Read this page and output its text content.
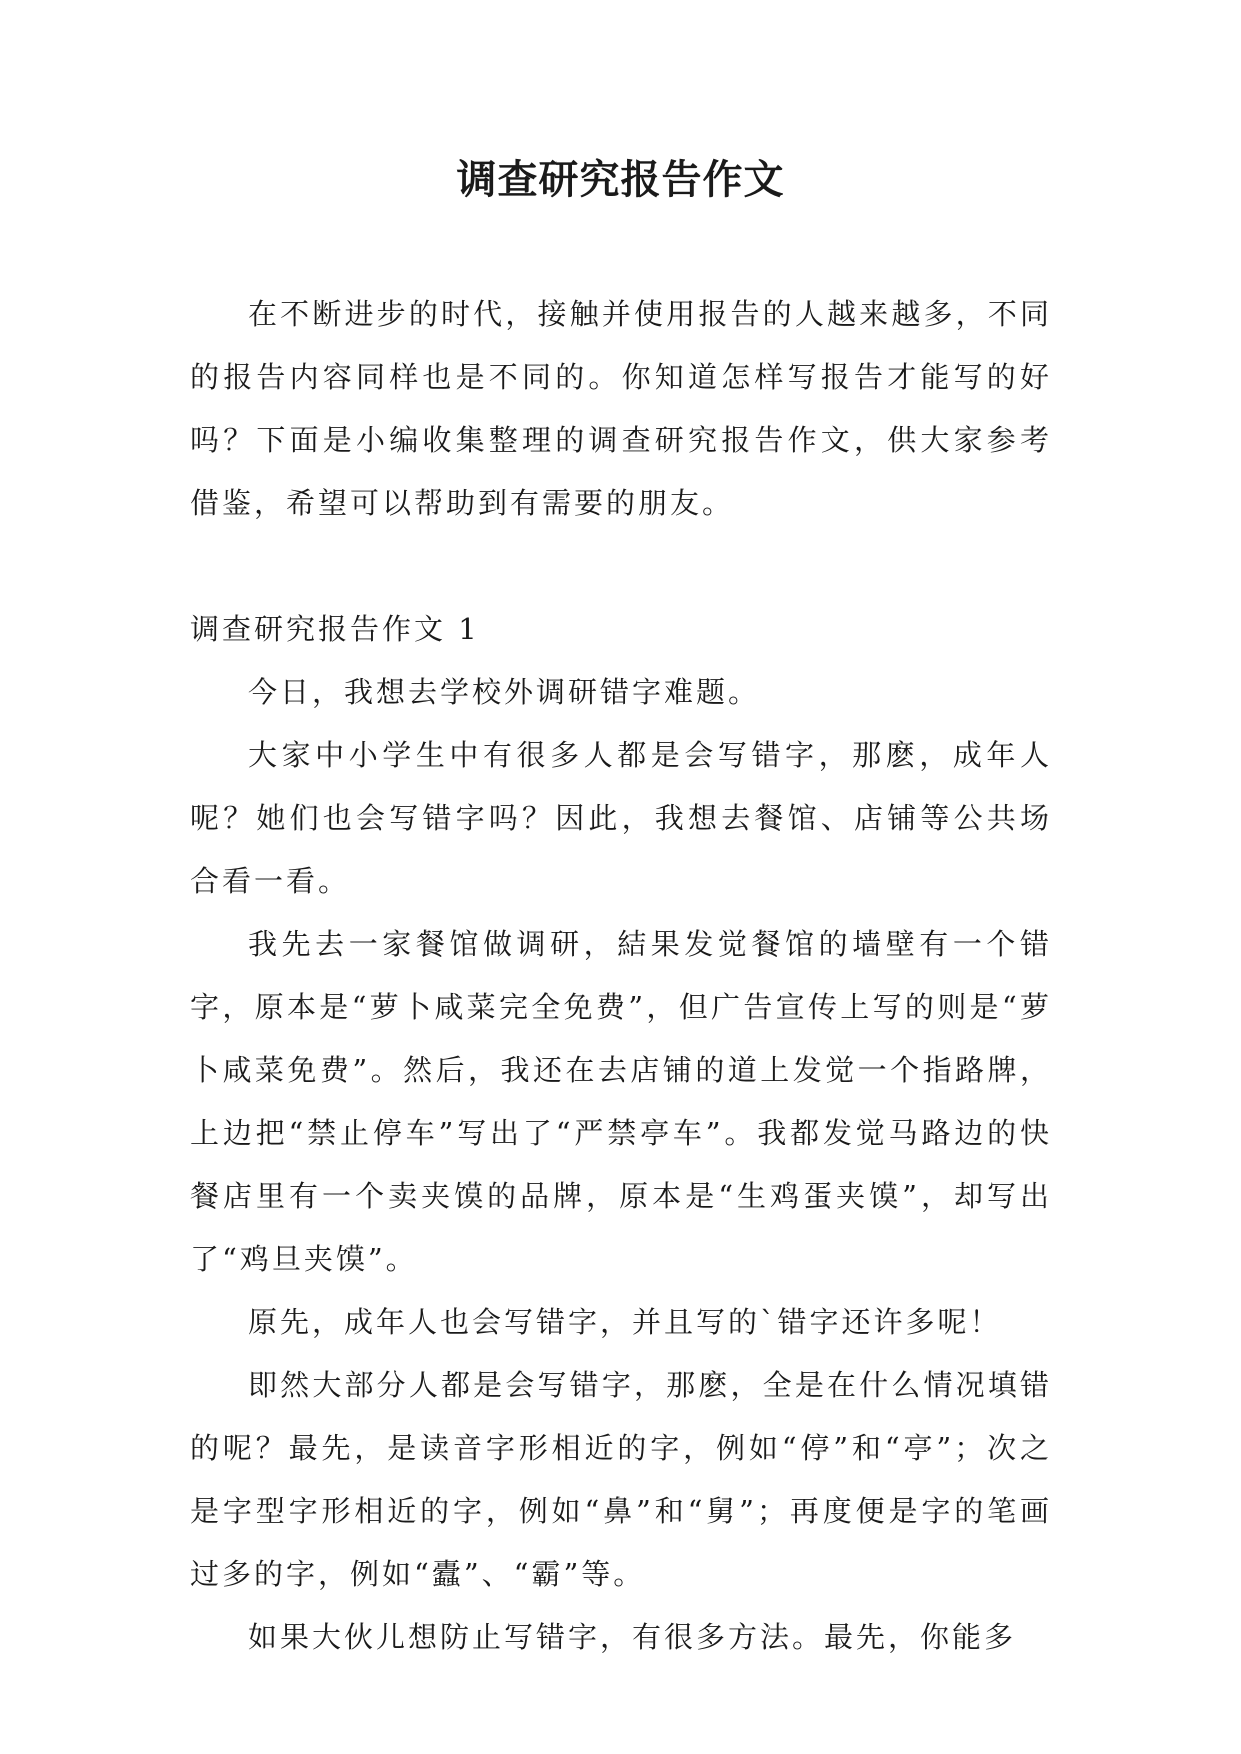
调查研究报告作文

在不断进步的时代，接触并使用报告的人越来越多，不同的报告内容同样也是不同的。你知道怎样写报告才能写的好吗？下面是小编收集整理的调查研究报告作文，供大家参考借鉴，希望可以帮助到有需要的朋友。

调查研究报告作文 1

今日，我想去学校外调研错字难题。

大家中小学生中有很多人都是会写错字，那麽，成年人呢？她们也会写错字吗？因此，我想去餐馆、店铺等公共场合看一看。

我先去一家餐馆做调研，結果发觉餐馆的墙壁有一个错字，原本是“萝卜咸菜完全免费”，但广告宣传上写的则是“萝卜咸菜免费”。然后，我还在去店铺的道上发觉一个指路牌，上边把“禁止停车”写出了“严禁亭车”。我都发觉马路边的快餐店里有一个卖夹馍的品牌，原本是“生鸡蛋夹馍”，却写出了“鸡旦夹馍”。

原先，成年人也会写错字，并且写的`错字还许多呢！

即然大部分人都是会写错字，那麽，全是在什么情况填错的呢？最先，是读音字形相近的字，例如“停”和“亭”；次之是字型字形相近的字，例如“鼻”和“舅”；再度便是字的笔画过多的字，例如“蠹”、“霸”等。

如果大伙儿想防止写错字，有很多方法。最先，你能多
